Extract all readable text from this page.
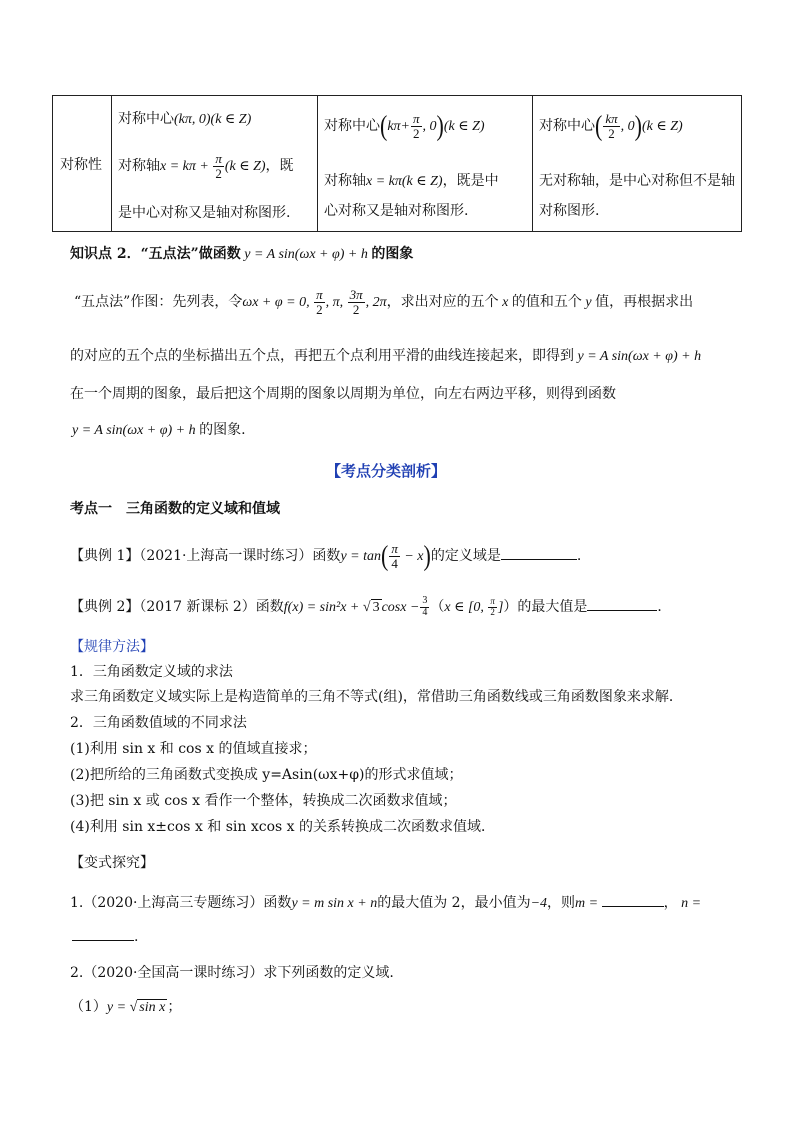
对称性

对称中心(kπ, 0)(k ∈ Z)
对称轴$x = k\pi + \frac{\pi}{2} (k$ ∈ Z)，既
是中心对称又是轴对称图形.

对称中心($k\pi+ \frac{\pi}{2}$ , 0)(k ∈ Z)
对称轴x = kπ(k ∈ Z)，既是中
心对称又是轴对称图形.

对称中心( $\frac{k\pi}{2}$ , 0)(k ∈ Z)
无对称轴，是中心对称但不是轴
对称图形.
知识点 2．“五点法”做函数 y = A sin(ωx + φ) + h 的图象
“五点法”作图：先列表，令ωx + φ = 0, $\frac{\pi}{2}$ , π, $\frac{3\pi}{2}$ , 2π，求出对应的五个 x 的值和五个 y 值，再根据求出
的对应的五个点的坐标描出五个点，再把五个点利用平滑的曲线连接起来，即得到 y = A sin(ωx + φ) + h
在一个周期的图象，最后把这个周期的图象以周期为单位，向左右两边平移，则得到函数
y = A sin(ωx + φ) + h 的图象.
【考点分类剖析】
考点一　三角函数的定义域和值域
【典例 1】（2021·上海高一课时练习）函数$y = \tan( \frac{\pi}{4} - x)$的定义域是	.
【典例 2】（2017 新课标 2）函数f(x) = sin²x + √ 3 $\cos x - \frac{3}{4} (x$ ∈ [0, $\frac{\pi}{2}$ ]）的最大值是	．
【规律方法】
1．三角函数定义域的求法
求三角函数定义域实际上是构造简单的三角不等式(组)，常借助三角函数线或三角函数图象来求解．
2．三角函数值域的不同求法
(1)利用 sin x 和 cos x 的值域直接求；
(2)把所给的三角函数式变换成 y=Asin(ωx+φ)的形式求值域；
(3)把 sin x 或 cos x 看作一个整体，转换成二次函数求值域；
(4)利用 sin x±cos x 和 sin xcos x 的关系转换成二次函数求值域．
【变式探究】
1.（2020·上海高三专题练习）函数y = m sin x + n的最大值为 2，最小值为−4，则m =	， n =
.
2.（2020·全国高一课时练习）求下列函数的定义域.
（1）y = √ sin x ；
